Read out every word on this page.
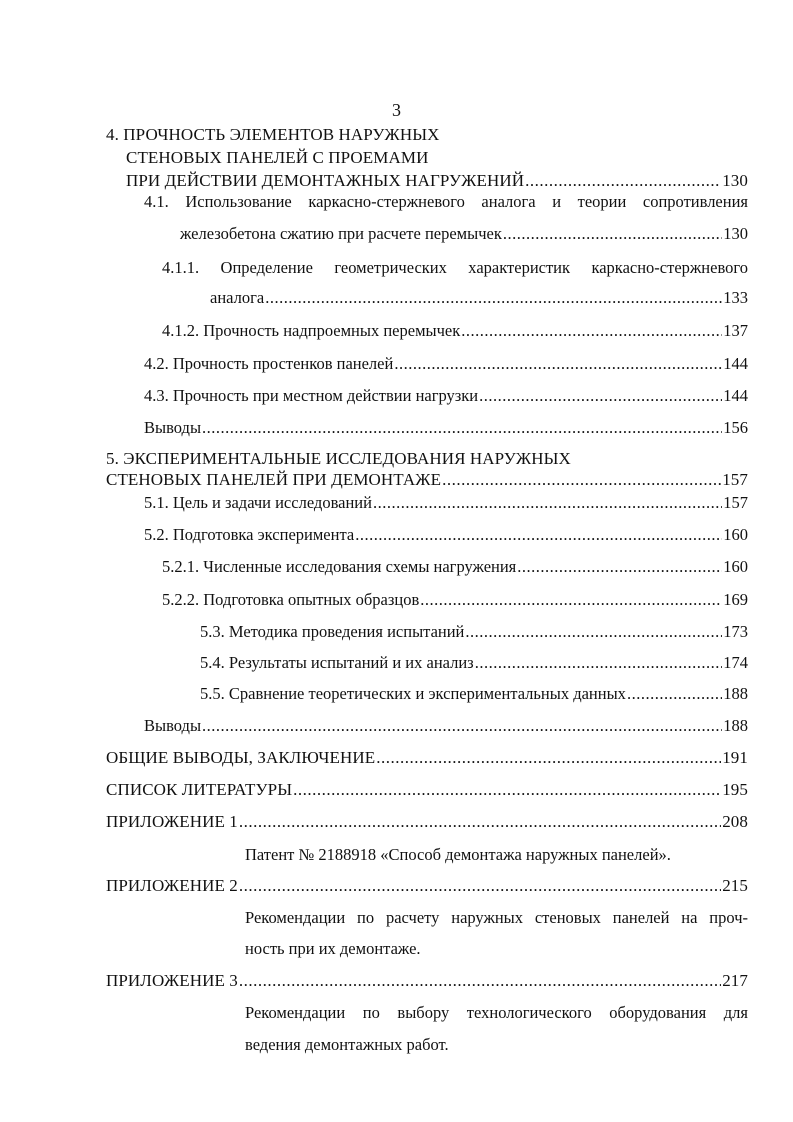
3
4. ПРОЧНОСТЬ ЭЛЕМЕНТОВ НАРУЖНЫХ
СТЕНОВЫХ ПАНЕЛЕЙ С ПРОЕМАМИ
ПРИ ДЕЙСТВИИ ДЕМОНТАЖНЫХ НАГРУЖЕНИЙ .....	130
4.1. Использование каркасно-стержневого аналога и теории сопротивления
железобетона сжатию при расчете перемычек .....	130
4.1.1. Определение геометрических характеристик каркасно-стержневого
аналога .....	133
4.1.2. Прочность надпроемных перемычек .....	137
4.2. Прочность простенков панелей .....	144
4.3. Прочность при местном действии нагрузки .....	144
Выводы .....	156
5. ЭКСПЕРИМЕНТАЛЬНЫЕ ИССЛЕДОВАНИЯ НАРУЖНЫХ
СТЕНОВЫХ ПАНЕЛЕЙ ПРИ ДЕМОНТАЖЕ .....	157
5.1. Цель и задачи исследований .....	157
5.2. Подготовка эксперимента .....	160
5.2.1. Численные исследования схемы нагружения .....	160
5.2.2. Подготовка опытных образцов .....	169
5.3. Методика проведения испытаний .....	173
5.4. Результаты испытаний и их анализ .....	174
5.5. Сравнение теоретических и экспериментальных данных .....	188
Выводы .....	188
ОБЩИЕ ВЫВОДЫ, ЗАКЛЮЧЕНИЕ .....	191
СПИСОК ЛИТЕРАТУРЫ .....	195
ПРИЛОЖЕНИЕ 1 .....	208
Патент № 2188918 «Способ демонтажа наружных панелей».
ПРИЛОЖЕНИЕ 2 .....	215
Рекомендации по расчету наружных стеновых панелей на проч-
ность при их демонтаже.
ПРИЛОЖЕНИЕ 3 .....	217
Рекомендации по выбору технологического оборудования для
ведения демонтажных работ.
